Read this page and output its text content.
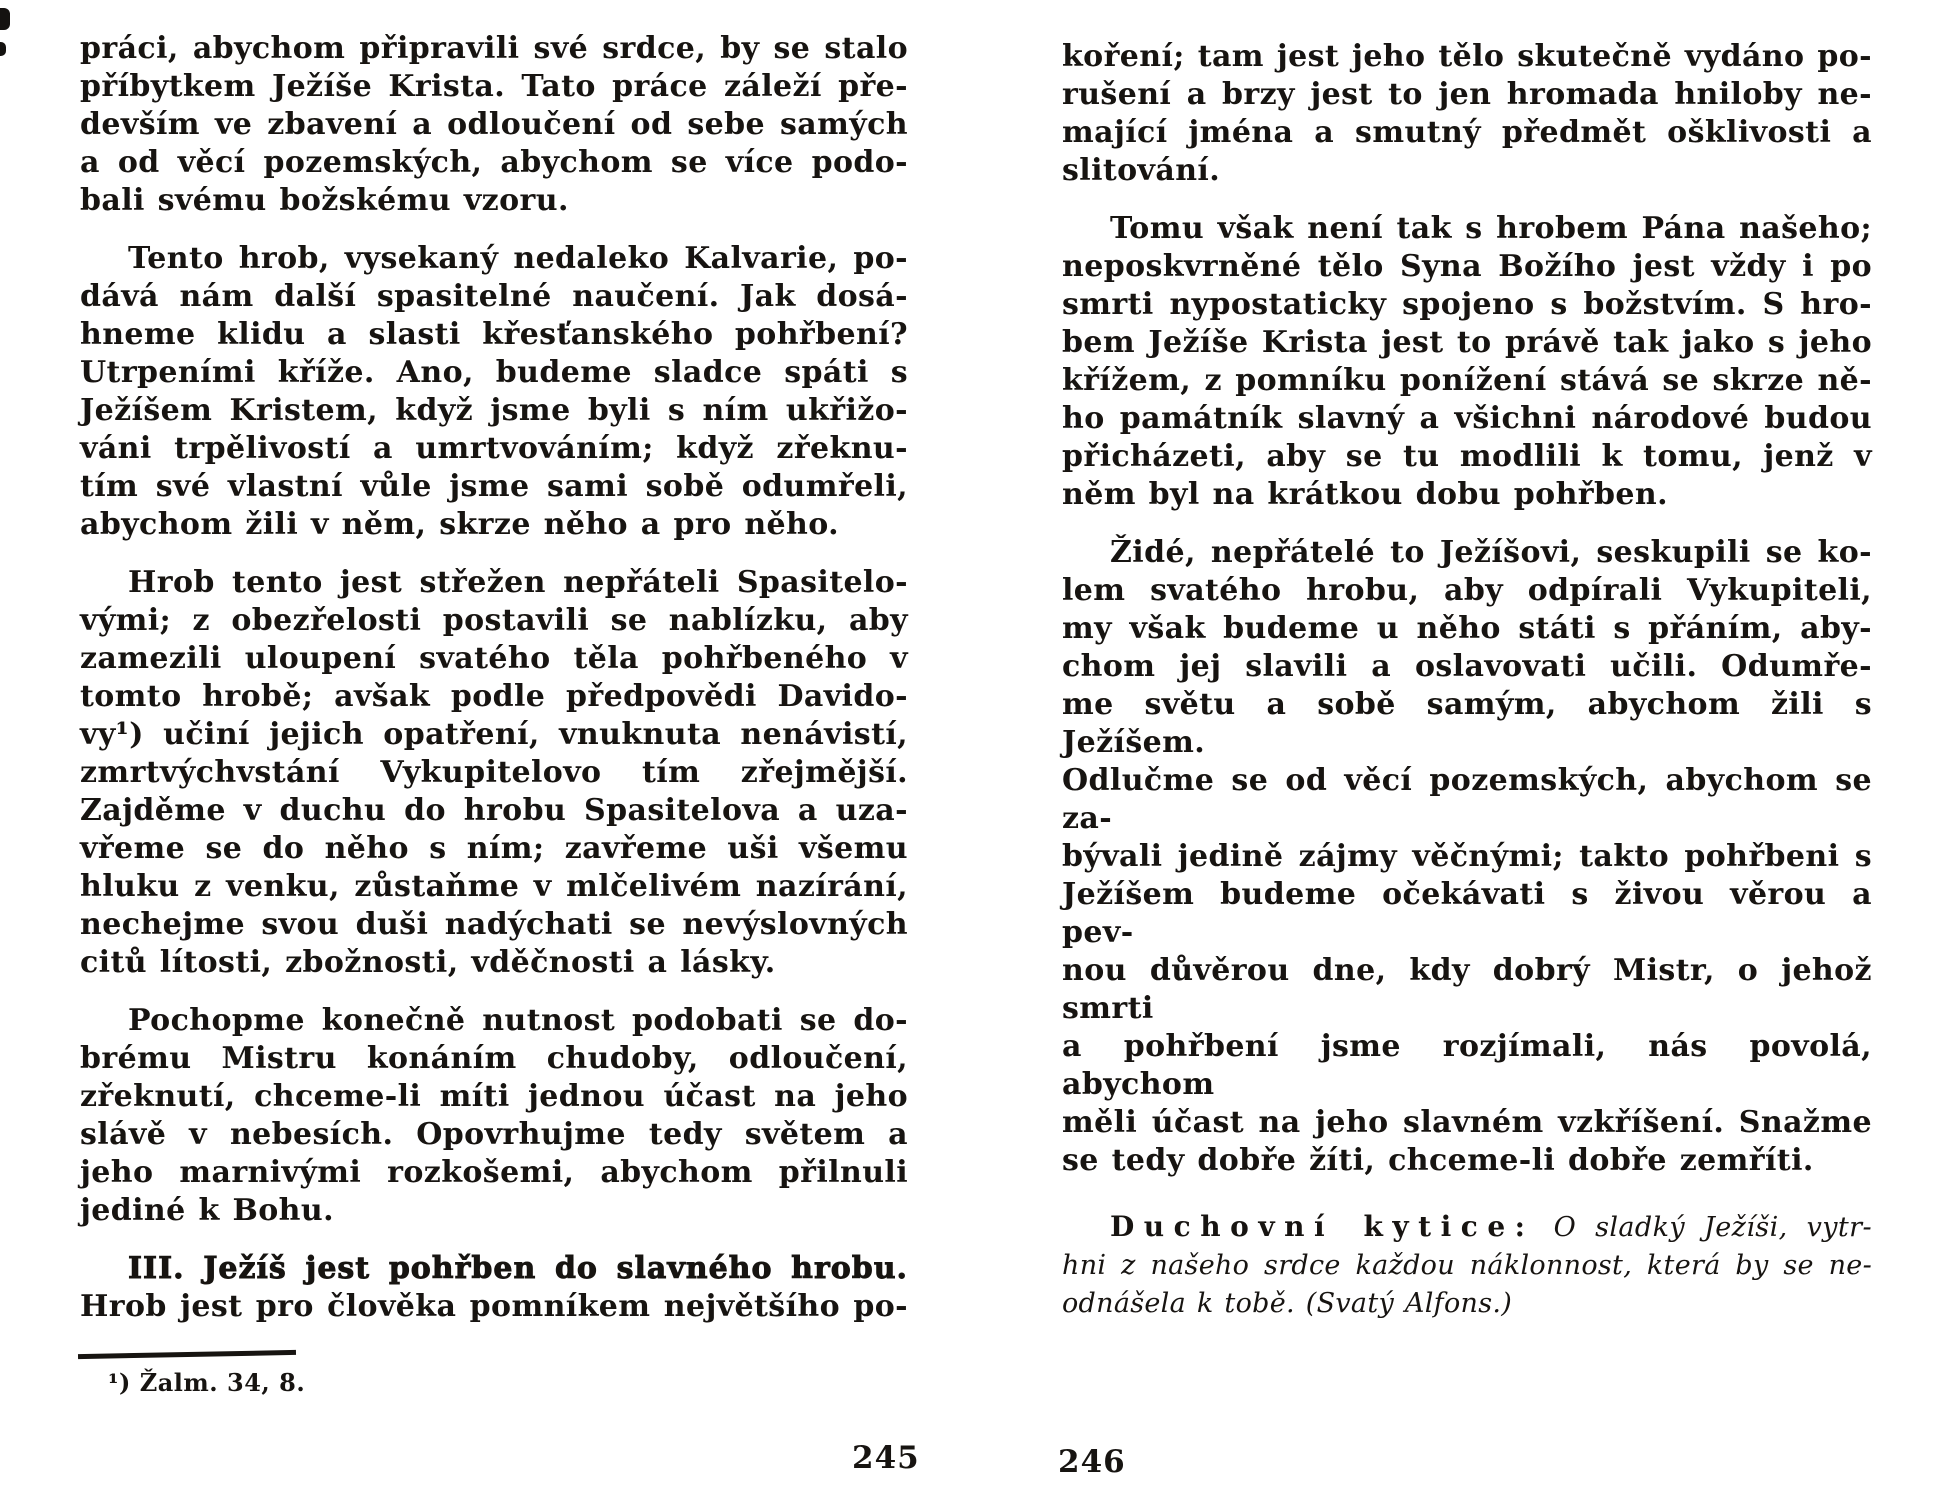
práci, abychom připravili své srdce, by se stalo
příbytkem Ježíše Krista. Tato práce záleží pře-
devším ve zbavení a odloučení od sebe samých
a od věcí pozemských, abychom se více podo-
bali svému božskému vzoru.
Tento hrob, vysekaný nedaleko Kalvarie, po-
dává nám další spasitelné naučení. Jak dosá-
hneme klidu a slasti křesťanského pohřbení?
Utrpeními kříže. Ano, budeme sladce spáti s
Ježíšem Kristem, když jsme byli s ním ukřižo-
váni trpělivostí a umrtvováním; když zřeknu-
tím své vlastní vůle jsme sami sobě odumřeli,
abychom žili v něm, skrze něho a pro něho.
Hrob tento jest střežen nepřáteli Spasitelo-
vými; z obezřelosti postavili se nablízku, aby
zamezili uloupení svatého těla pohřbeného v
tomto hrobě; avšak podle předpovědi Davido-
vy¹) učiní jejich opatření, vnuknuta nenávistí,
zmrtvýchvstání Vykupitelovo tím zřejmější.
Zajděme v duchu do hrobu Spasitelova a uza-
vřeme se do něho s ním; zavřeme uši všemu
hluku z venku, zůstaňme v mlčelivém nazírání,
nechejme svou duši nadýchati se nevýslovných
citů lítosti, zbožnosti, vděčnosti a lásky.
Pochopme konečně nutnost podobati se do-
brému Mistru konáním chudoby, odloučení,
zřeknutí, chceme-li míti jednou účast na jeho
slávě v nebesích. Opovrhujme tedy světem a
jeho marnivými rozkošemi, abychom přilnuli
jediné k Bohu.
III. Ježíš jest pohřben do slavného hrobu.
Hrob jest pro člověka pomníkem největšího po-
¹) Žalm. 34, 8.
245
koření; tam jest jeho tělo skutečně vydáno po-
rušení a brzy jest to jen hromada hniloby ne-
mající jména a smutný předmět ošklivosti a
slitování.
Tomu však není tak s hrobem Pána našeho;
neposkvrněné tělo Syna Božího jest vždy i po
smrti nypostaticky spojeno s božstvím. S hro-
bem Ježíše Krista jest to právě tak jako s jeho
křížem, z pomníku ponížení stává se skrze ně-
ho památník slavný a všichni národové budou
přicházeti, aby se tu modlili k tomu, jenž v
něm byl na krátkou dobu pohřben.
Židé, nepřátelé to Ježíšovi, seskupili se ko-
lem svatého hrobu, aby odpírali Vykupiteli,
my však budeme u něho státi s přáním, aby-
chom jej slavili a oslavovati učili. Odumře-
me světu a sobě samým, abychom žili s Ježíšem.
Odlučme se od věcí pozemských, abychom se za-
bývali jedině zájmy věčnými; takto pohřbeni s
Ježíšem budeme očekávati s živou věrou a pev-
nou důvěrou dne, kdy dobrý Mistr, o jehož smrti
a pohřbení jsme rozjímali, nás povolá, abychom
měli účast na jeho slavném vzkříšení. Snažme
se tedy dobře žíti, chceme-li dobře zemříti.
Duchovní kytice: O sladký Ježíši, vytr-
hni z našeho srdce každou náklonnost, která by se ne-
odnášela k tobě. (Svatý Alfons.)
246
